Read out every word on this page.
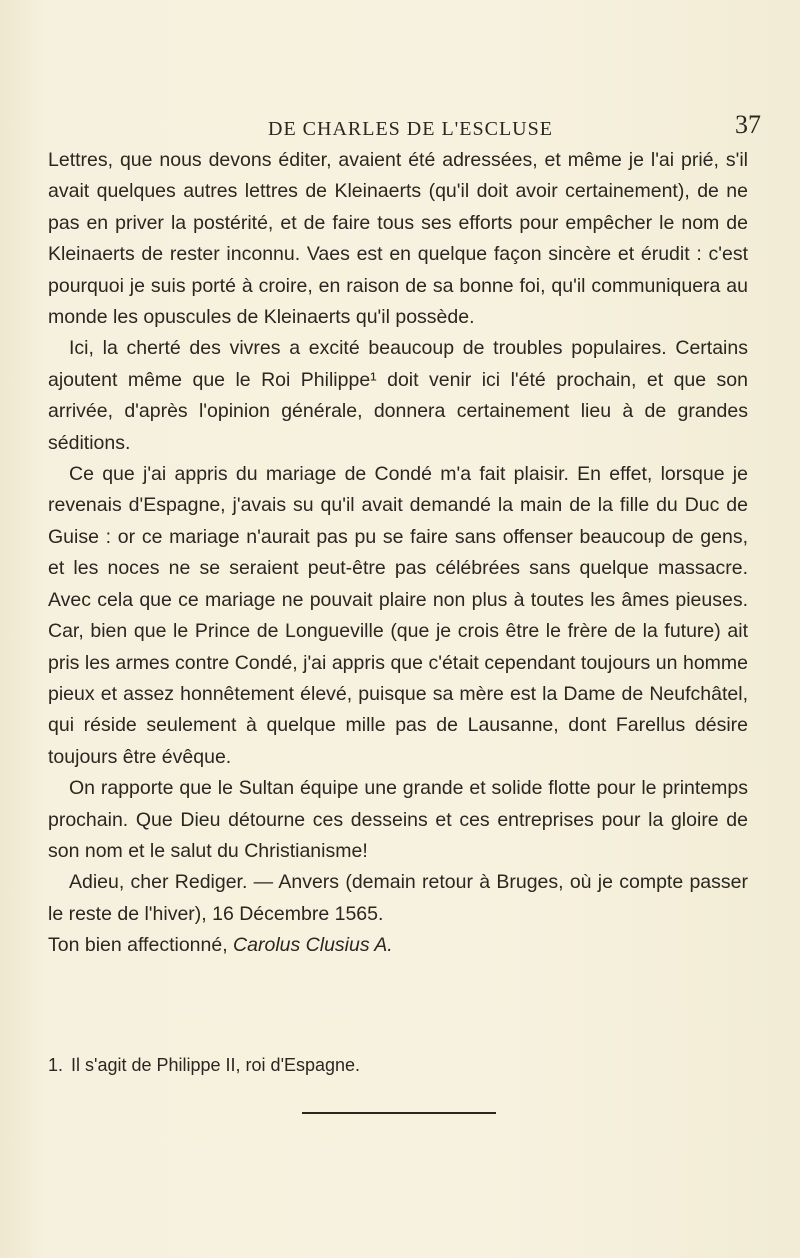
DE CHARLES DE L'ESCLUSE	37

Lettres, que nous devons éditer, avaient été adressées, et même je l'ai prié, s'il avait quelques autres lettres de Kleinaerts (qu'il doit avoir certainement), de ne pas en priver la postérité, et de faire tous ses efforts pour empêcher le nom de Kleinaerts de rester inconnu. Vaes est en quelque façon sincère et érudit : c'est pourquoi je suis porté à croire, en raison de sa bonne foi, qu'il communiquera au monde les opuscules de Kleinaerts qu'il possède.

Ici, la cherté des vivres a excité beaucoup de troubles populaires. Certains ajoutent même que le Roi Philippe¹ doit venir ici l'été prochain, et que son arrivée, d'après l'opinion générale, donnera certainement lieu à de grandes séditions.

Ce que j'ai appris du mariage de Condé m'a fait plaisir. En effet, lorsque je revenais d'Espagne, j'avais su qu'il avait demandé la main de la fille du Duc de Guise : or ce mariage n'aurait pas pu se faire sans offenser beaucoup de gens, et les noces ne se seraient peut-être pas célébrées sans quelque massacre. Avec cela que ce mariage ne pouvait plaire non plus à toutes les âmes pieuses. Car, bien que le Prince de Longueville (que je crois être le frère de la future) ait pris les armes contre Condé, j'ai appris que c'était cependant toujours un homme pieux et assez honnêtement élevé, puisque sa mère est la Dame de Neufchâtel, qui réside seulement à quelque mille pas de Lausanne, dont Farellus désire toujours être évêque.

On rapporte que le Sultan équipe une grande et solide flotte pour le printemps prochain. Que Dieu détourne ces desseins et ces entreprises pour la gloire de son nom et le salut du Christianisme!

Adieu, cher Rediger. — Anvers (demain retour à Bruges, où je compte passer le reste de l'hiver), 16 Décembre 1565.

Ton bien affectionné, Carolus Clusius A.

1. Il s'agit de Philippe II, roi d'Espagne.
